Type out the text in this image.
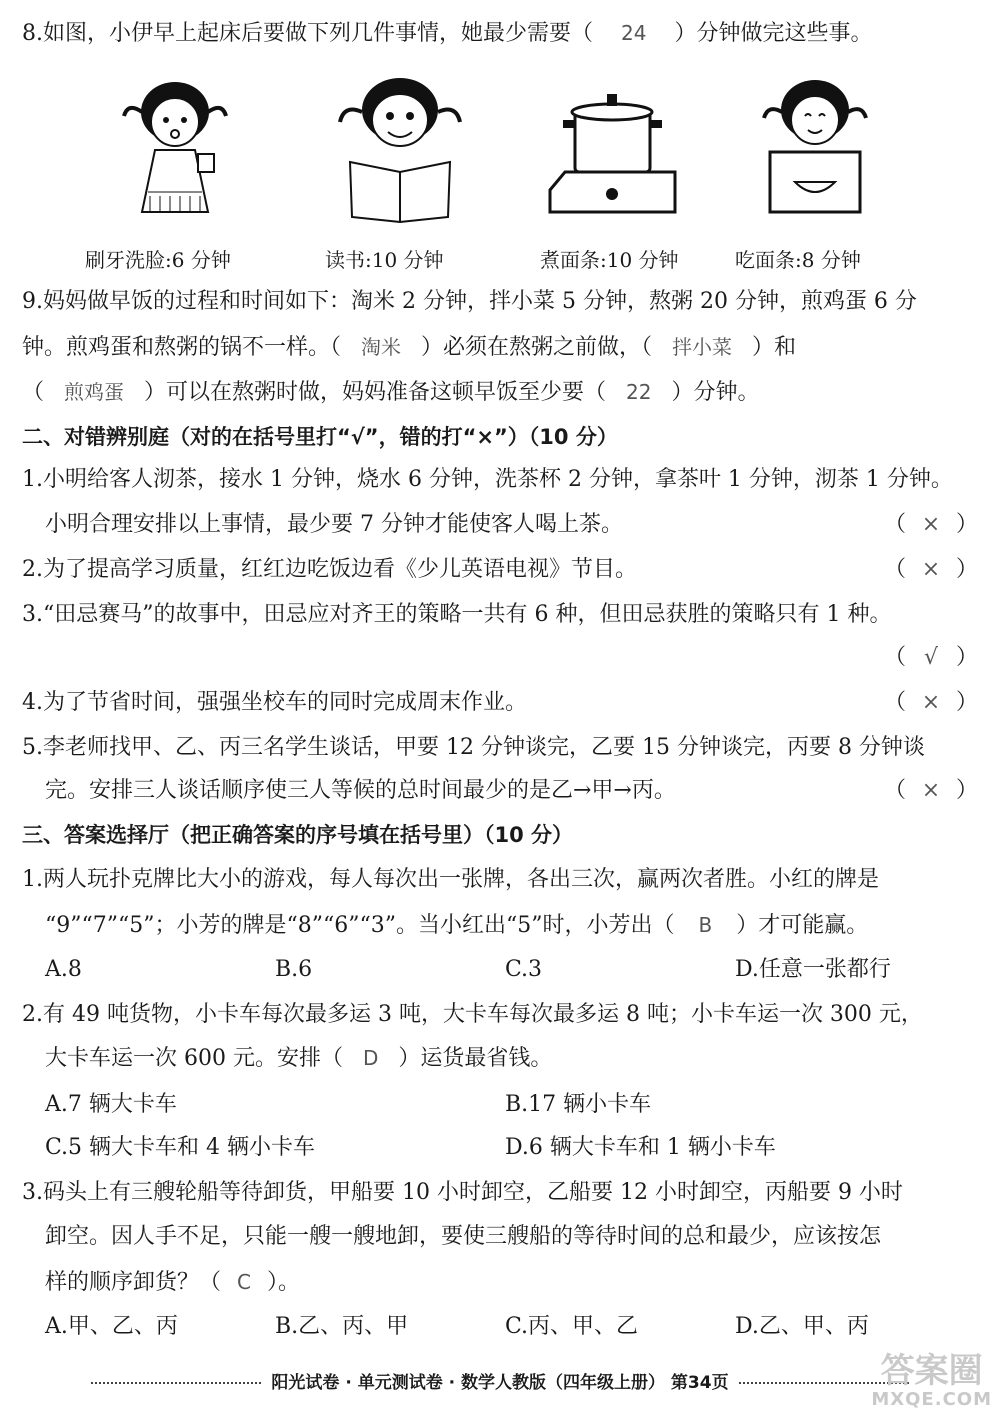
8.如图，小伊早上起床后要做下列几件事情，她最少需要（ 24 ）分钟做完这些事。
刷牙洗脸:6 分钟	读书:10 分钟	煮面条:10 分钟	吃面条:8 分钟
9.妈妈做早饭的过程和时间如下：淘米 2 分钟，拌小菜 5 分钟，熬粥 20 分钟，煎鸡蛋 6 分
钟。煎鸡蛋和熬粥的锅不一样。（ 淘米 ）必须在熬粥之前做，（ 拌小菜 ）和
（ 煎鸡蛋 ）可以在熬粥时做，妈妈准备这顿早饭至少要（ 22 ）分钟。
二、对错辨别庭（对的在括号里打“√”，错的打“×”）（10 分）
1.小明给客人沏茶，接水 1 分钟，烧水 6 分钟，洗茶杯 2 分钟，拿茶叶 1 分钟，沏茶 1 分钟。
小明合理安排以上事情，最少要 7 分钟才能使客人喝上茶。	（ × ）
2.为了提高学习质量，红红边吃饭边看《少儿英语电视》节目。	（ × ）
3.“田忌赛马”的故事中，田忌应对齐王的策略一共有 6 种，但田忌获胜的策略只有 1 种。
（ √ ）
4.为了节省时间，强强坐校车的同时完成周末作业。	（ × ）
5.李老师找甲、乙、丙三名学生谈话，甲要 12 分钟谈完，乙要 15 分钟谈完，丙要 8 分钟谈
完。安排三人谈话顺序使三人等候的总时间最少的是乙→甲→丙。	（ × ）
三、答案选择厅（把正确答案的序号填在括号里）（10 分）
1.两人玩扑克牌比大小的游戏，每人每次出一张牌，各出三次，赢两次者胜。小红的牌是
“9”“7”“5”；小芳的牌是“8”“6”“3”。当小红出“5”时，小芳出（ B ）才可能赢。
A.8	B.6	C.3	D.任意一张都行
2.有 49 吨货物，小卡车每次最多运 3 吨，大卡车每次最多运 8 吨；小卡车运一次 300 元，
大卡车运一次 600 元。安排（ D ）运货最省钱。
A.7 辆大卡车	B.17 辆小卡车
C.5 辆大卡车和 4 辆小卡车	D.6 辆大卡车和 1 辆小卡车
3.码头上有三艘轮船等待卸货，甲船要 10 小时卸空，乙船要 12 小时卸空，丙船要 9 小时
卸空。因人手不足，只能一艘一艘地卸，要使三艘船的等待时间的总和最少，应该按怎
样的顺序卸货？（ C ）。
A.甲、乙、丙	B.乙、丙、甲	C.丙、甲、乙	D.乙、甲、丙
阳光试卷 · 单元测试卷 · 数学人教版（四年级上册） 第34页	答案圈
MXQE.COM
